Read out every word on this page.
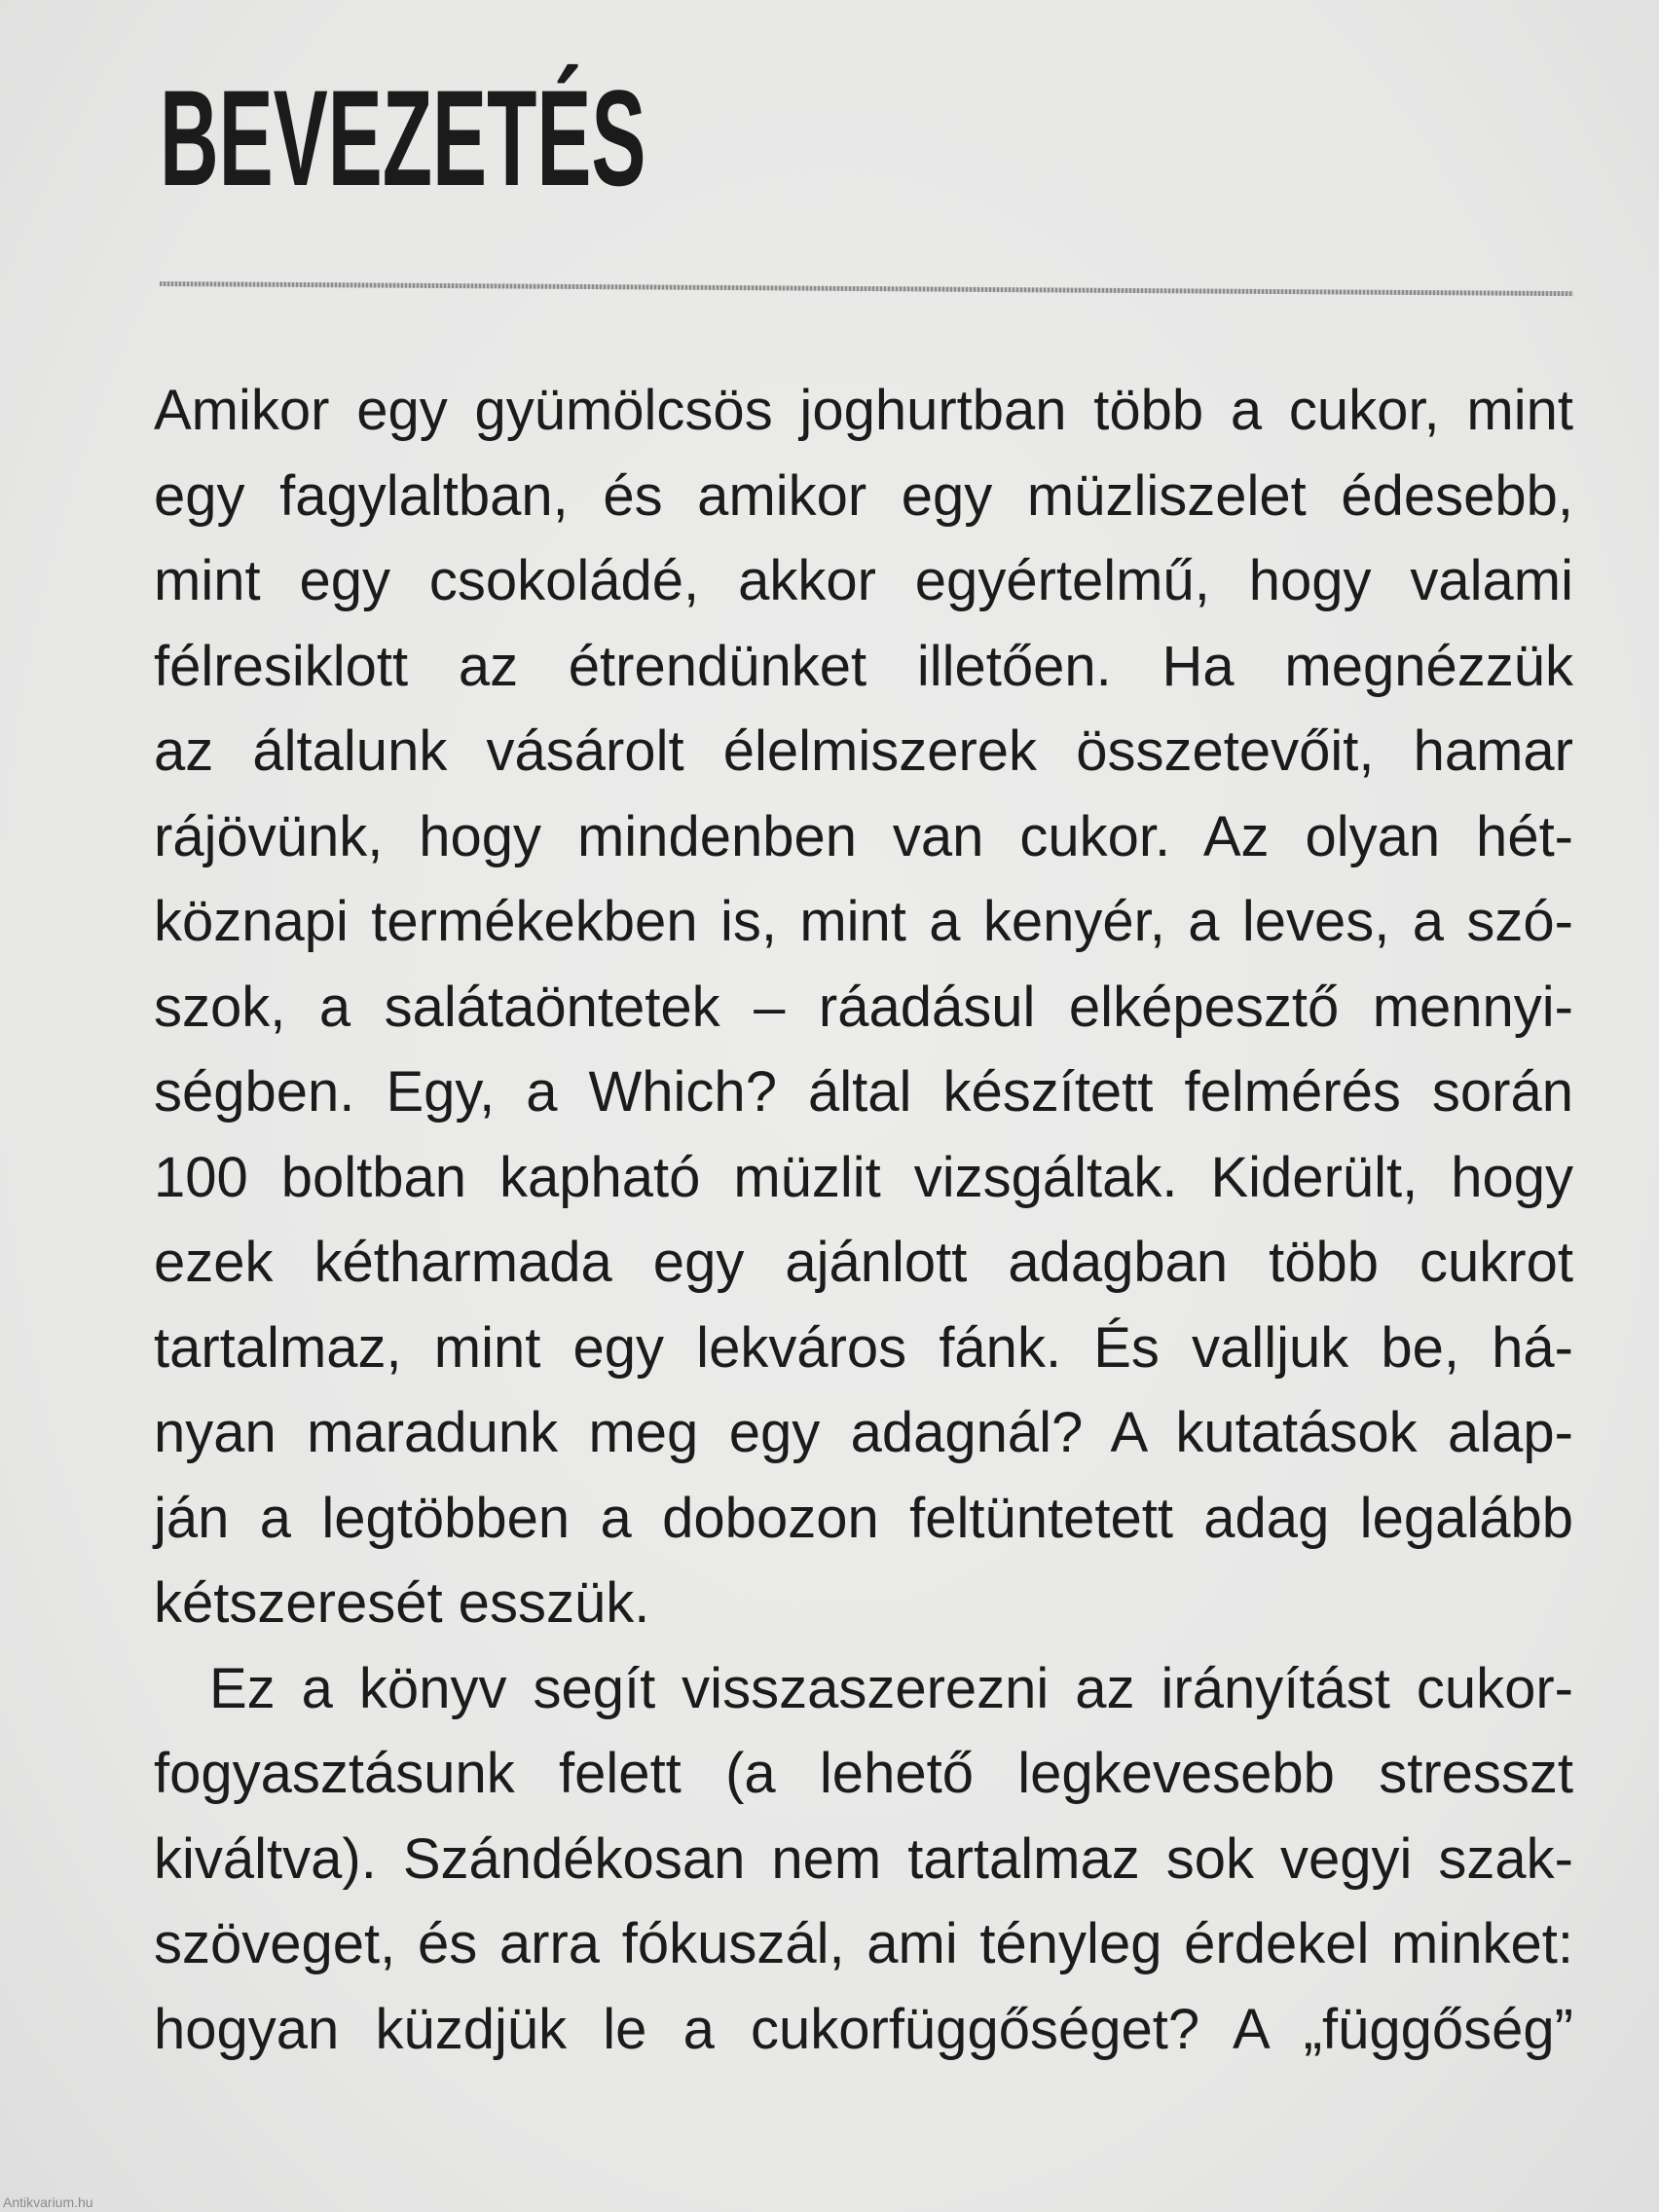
BEVEZETÉS
Amikor egy gyümölcsös joghurtban több a cukor, mint
egy fagylaltban, és amikor egy müzliszelet édesebb,
mint egy csokoládé, akkor egyértelmű, hogy valami
félresiklott az étrendünket illetően. Ha megnézzük
az általunk vásárolt élelmiszerek összetevőit, hamar
rájövünk, hogy mindenben van cukor. Az olyan hét-
köznapi termékekben is, mint a kenyér, a leves, a szó-
szok, a salátaöntetek – ráadásul elképesztő mennyi-
ségben. Egy, a Which? által készített felmérés során
100 boltban kapható müzlit vizsgáltak. Kiderült, hogy
ezek kétharmada egy ajánlott adagban több cukrot
tartalmaz, mint egy lekváros fánk. És valljuk be, há-
nyan maradunk meg egy adagnál? A kutatások alap-
ján a legtöbben a dobozon feltüntetett adag legalább
kétszeresét esszük.
Ez a könyv segít visszaszerezni az irányítást cukor-
fogyasztásunk felett (a lehető legkevesebb stresszt
kiváltva). Szándékosan nem tartalmaz sok vegyi szak-
szöveget, és arra fókuszál, ami tényleg érdekel minket:
hogyan küzdjük le a cukorfüggőséget? A „függőség”
Antikvarium.hu
